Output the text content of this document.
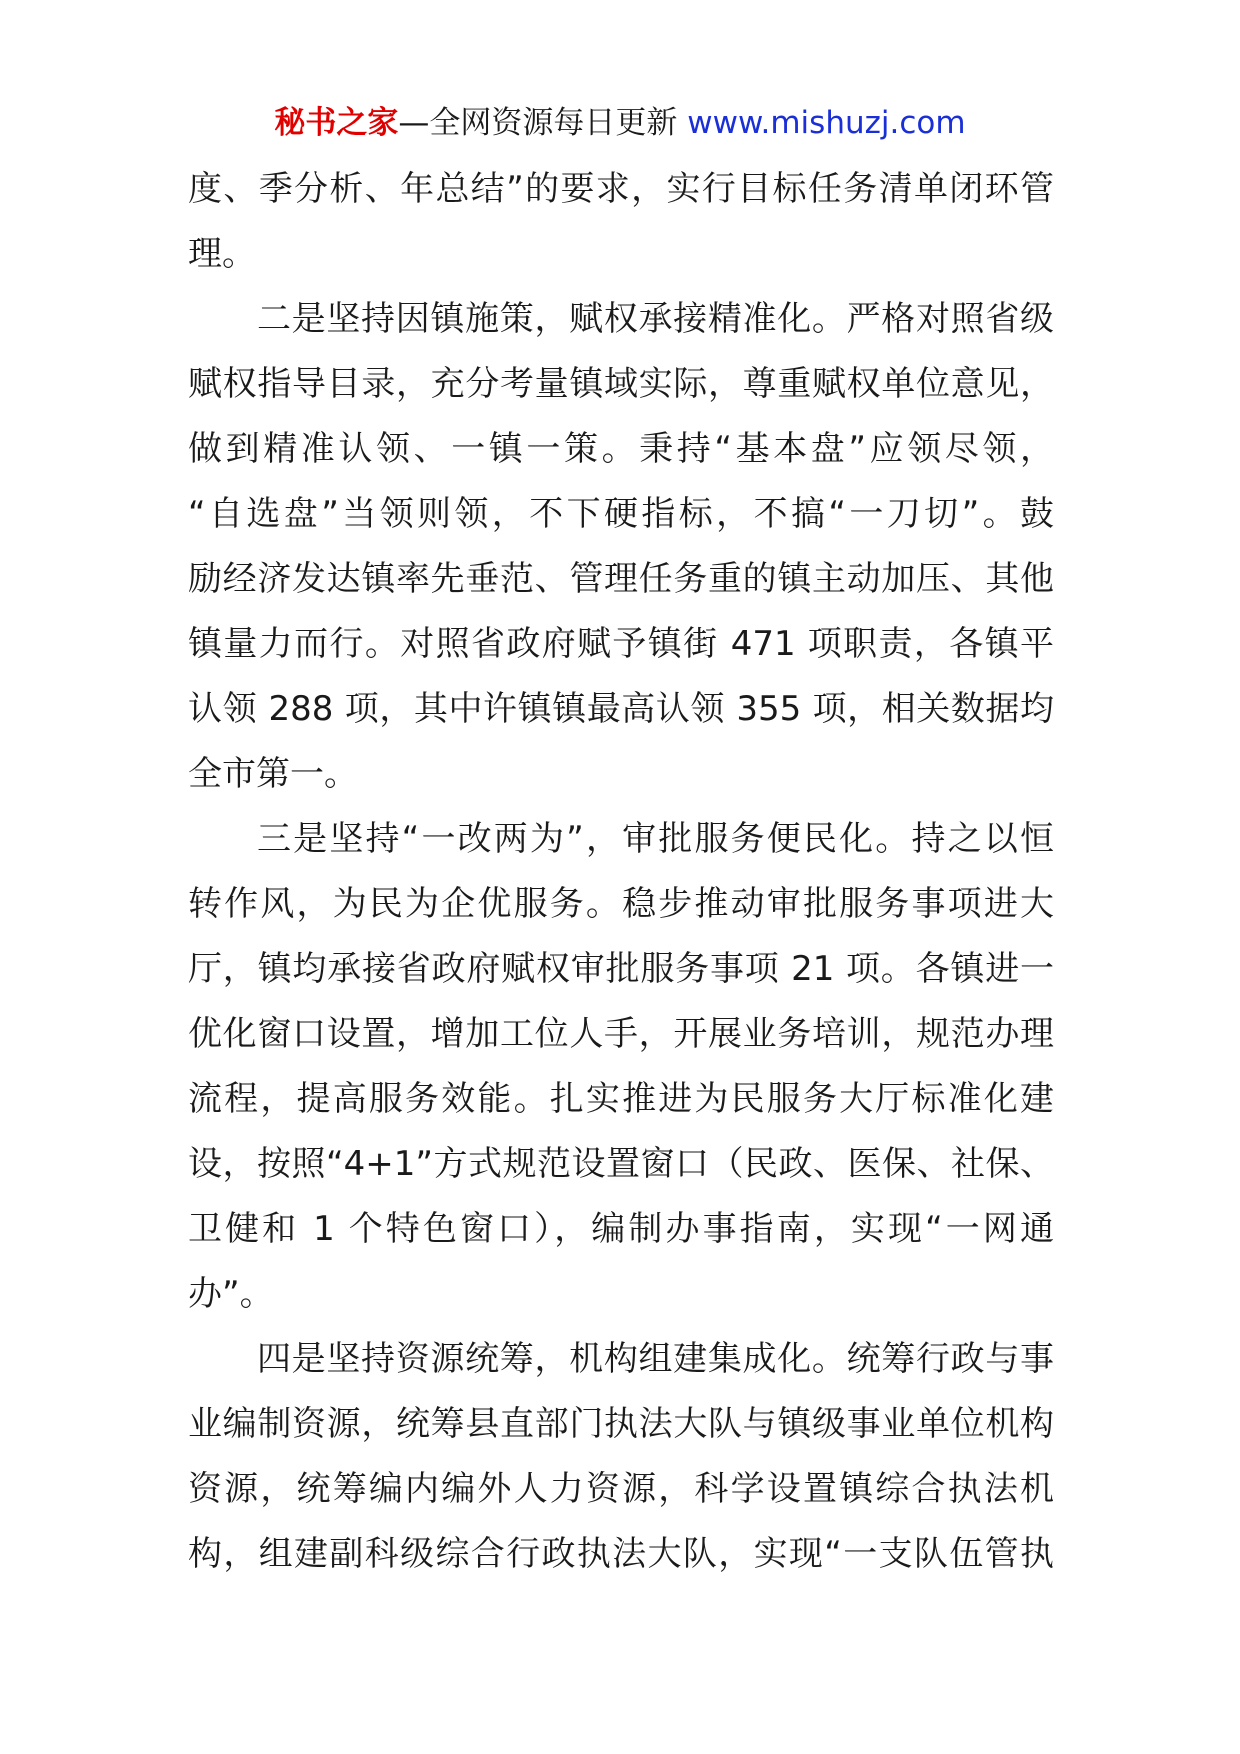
秘书之家—全网资源每日更新 www.mishuzj.com
度、季分析、年总结”的要求，实行目标任务清单闭环管
理。
二是坚持因镇施策，赋权承接精准化。严格对照省级
赋权指导目录，充分考量镇域实际，尊重赋权单位意见，
做到精准认领、一镇一策。秉持“基本盘”应领尽领，
“自选盘”当领则领，不下硬指标，不搞“一刀切”。鼓
励经济发达镇率先垂范、管理任务重的镇主动加压、其他
镇量力而行。对照省政府赋予镇街 471 项职责，各镇平
认领 288 项，其中许镇镇最高认领 355 项，相关数据均
全市第一。
三是坚持“一改两为”，审批服务便民化。持之以恒
转作风，为民为企优服务。稳步推动审批服务事项进大
厅，镇均承接省政府赋权审批服务事项 21 项。各镇进一
优化窗口设置，增加工位人手，开展业务培训，规范办理
流程，提高服务效能。扎实推进为民服务大厅标准化建
设，按照“4+1”方式规范设置窗口（民政、医保、社保、
卫健和 1 个特色窗口），编制办事指南，实现“一网通
办”。
四是坚持资源统筹，机构组建集成化。统筹行政与事
业编制资源，统筹县直部门执法大队与镇级事业单位机构
资源，统筹编内编外人力资源，科学设置镇综合执法机
构，组建副科级综合行政执法大队，实现“一支队伍管执
